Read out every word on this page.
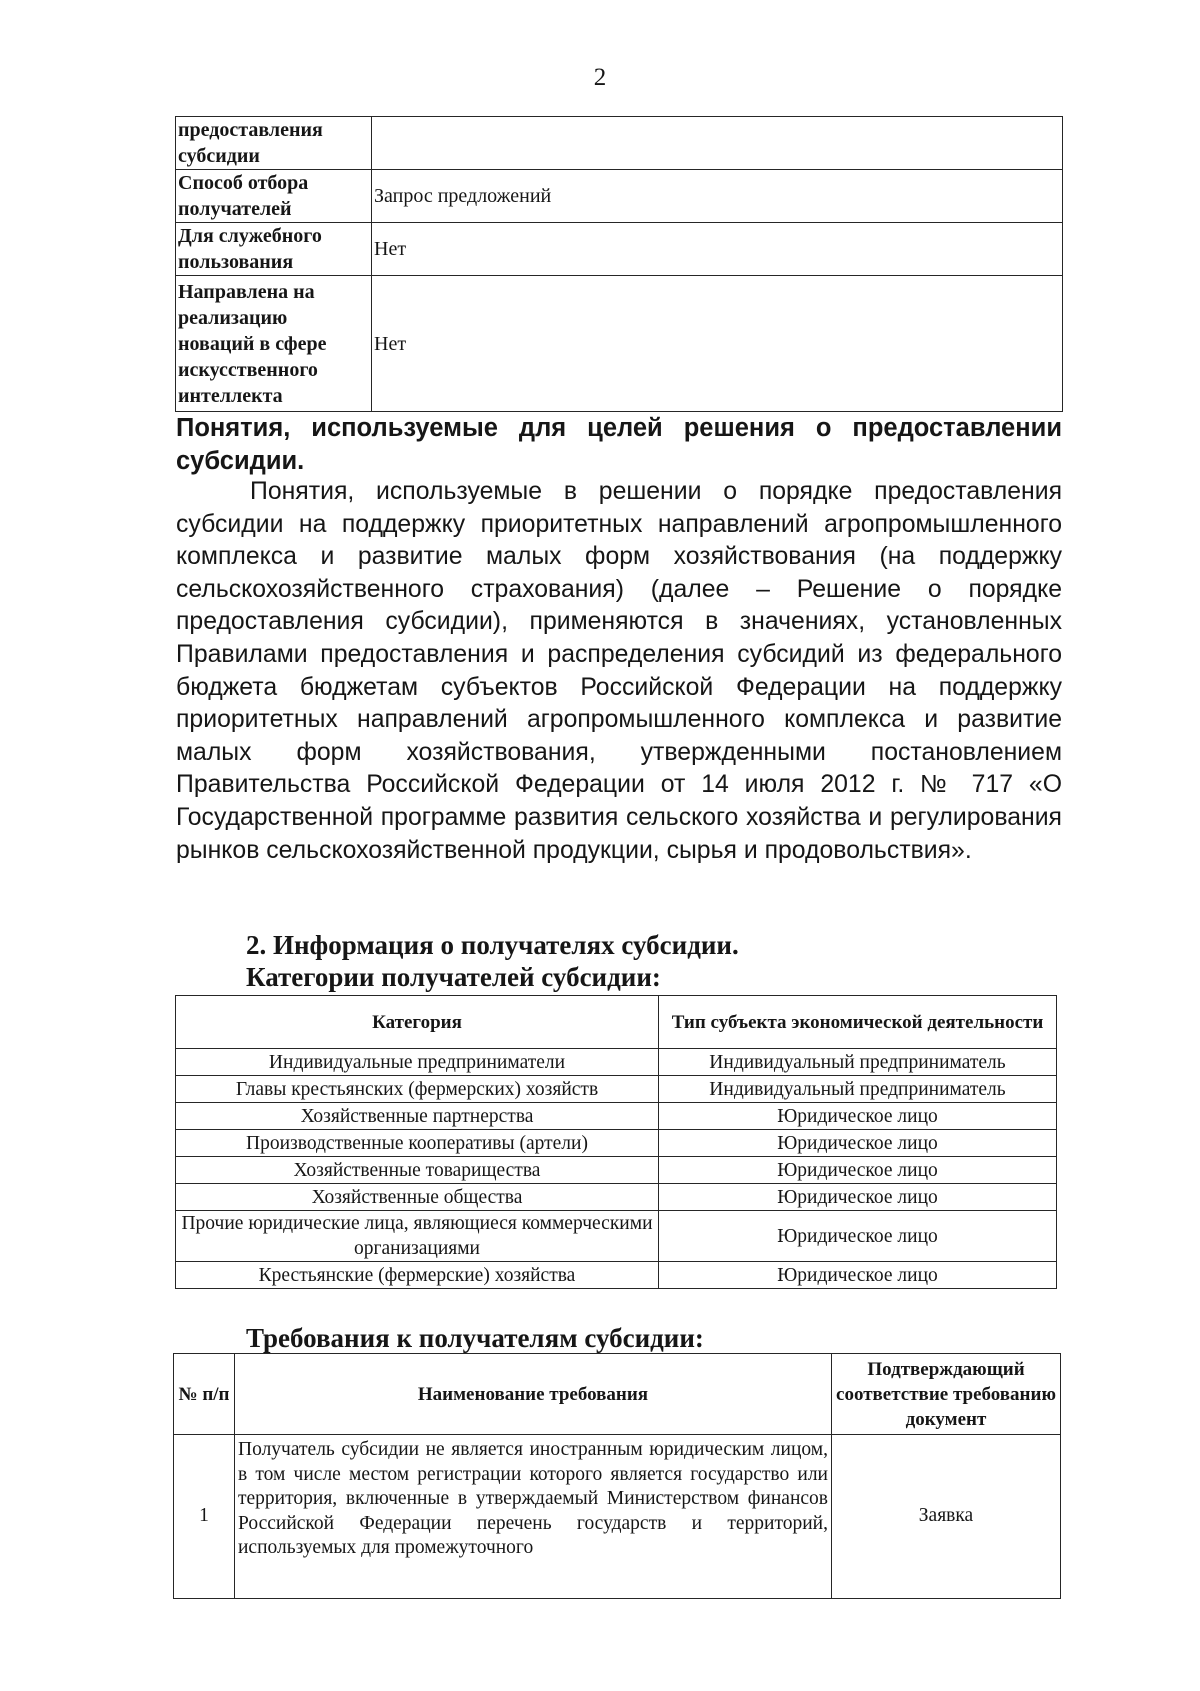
2
предоставления субсидии	
Способ отбора получателей	Запрос предложений
Для служебного пользования	Нет
Направлена на реализацию новаций в сфере искусственного интеллекта	Нет

Понятия, используемые для целей решения о предоставлении субсидии.

Понятия, используемые в решении о порядке предоставления субсидии на поддержку приоритетных направлений агропромышленного комплекса и развитие малых форм хозяйствования (на поддержку сельскохозяйственного страхования) (далее – Решение о порядке предоставления субсидии), применяются в значениях, установленных Правилами предоставления и распределения субсидий из федерального бюджета бюджетам субъектов Российской Федерации на поддержку приоритетных направлений агропромышленного комплекса и развитие малых форм хозяйствования, утвержденными постановлением Правительства Российской Федерации от 14 июля 2012 г. № 717 «О Государственной программе развития сельского хозяйства и регулирования рынков сельскохозяйственной продукции, сырья и продовольствия».

2. Информация о получателях субсидии.

Категории получателей субсидии:

Категория	Тип субъекта экономической деятельности
Индивидуальные предприниматели	Индивидуальный предприниматель
Главы крестьянских (фермерских) хозяйств	Индивидуальный предприниматель
Хозяйственные партнерства	Юридическое лицо
Производственные кооперативы (артели)	Юридическое лицо
Хозяйственные товарищества	Юридическое лицо
Хозяйственные общества	Юридическое лицо
Прочие юридические лица, являющиеся коммерческими организациями	Юридическое лицо
Крестьянские (фермерские) хозяйства	Юридическое лицо

Требования к получателям субсидии:

№ п/п	Наименование требования	Подтверждающий соответствие требованию документ
1	Получатель субсидии не является иностранным юридическим лицом, в том числе местом регистрации которого является государство или территория, включенные в утверждаемый Министерством финансов Российской Федерации перечень государств и территорий, используемых для промежуточного	Заявка
